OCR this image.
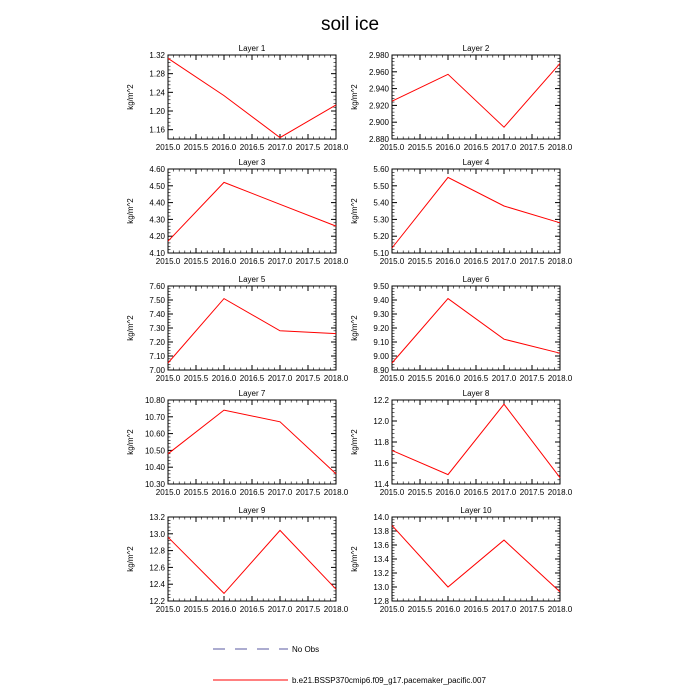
soil ice
Layer 1
kg/m^2
2015.0 2015.5 2016.0 2016.5 2017.0 2017.5 2018.0
1.16
1.20
1.24
1.28
1.32
Layer 2
kg/m^2
2015.0 2015.5 2016.0 2016.5 2017.0 2017.5 2018.0
2.880
2.900
2.920
2.940
2.960
2.980
Layer 3
kg/m^2
2015.0 2015.5 2016.0 2016.5 2017.0 2017.5 2018.0
4.10
4.20
4.30
4.40
4.50
4.60
Layer 4
kg/m^2
2015.0 2015.5 2016.0 2016.5 2017.0 2017.5 2018.0
5.10
5.20
5.30
5.40
5.50
5.60
Layer 5
kg/m^2
2015.0 2015.5 2016.0 2016.5 2017.0 2017.5 2018.0
7.00
7.10
7.20
7.30
7.40
7.50
7.60
Layer 6
kg/m^2
2015.0 2015.5 2016.0 2016.5 2017.0 2017.5 2018.0
8.90
9.00
9.10
9.20
9.30
9.40
9.50
Layer 7
kg/m^2
2015.0 2015.5 2016.0 2016.5 2017.0 2017.5 2018.0
10.30
10.40
10.50
10.60
10.70
10.80
Layer 8
kg/m^2
2015.0 2015.5 2016.0 2016.5 2017.0 2017.5 2018.0
11.4
11.6
11.8
12.0
12.2
Layer 9
kg/m^2
2015.0 2015.5 2016.0 2016.5 2017.0 2017.5 2018.0
12.2
12.4
12.6
12.8
13.0
13.2
Layer 10
kg/m^2
2015.0 2015.5 2016.0 2016.5 2017.0 2017.5 2018.0
12.8
13.0
13.2
13.4
13.6
13.8
14.0
No Obs
b.e21.BSSP370cmip6.f09_g17.pacemaker_pacific.007
